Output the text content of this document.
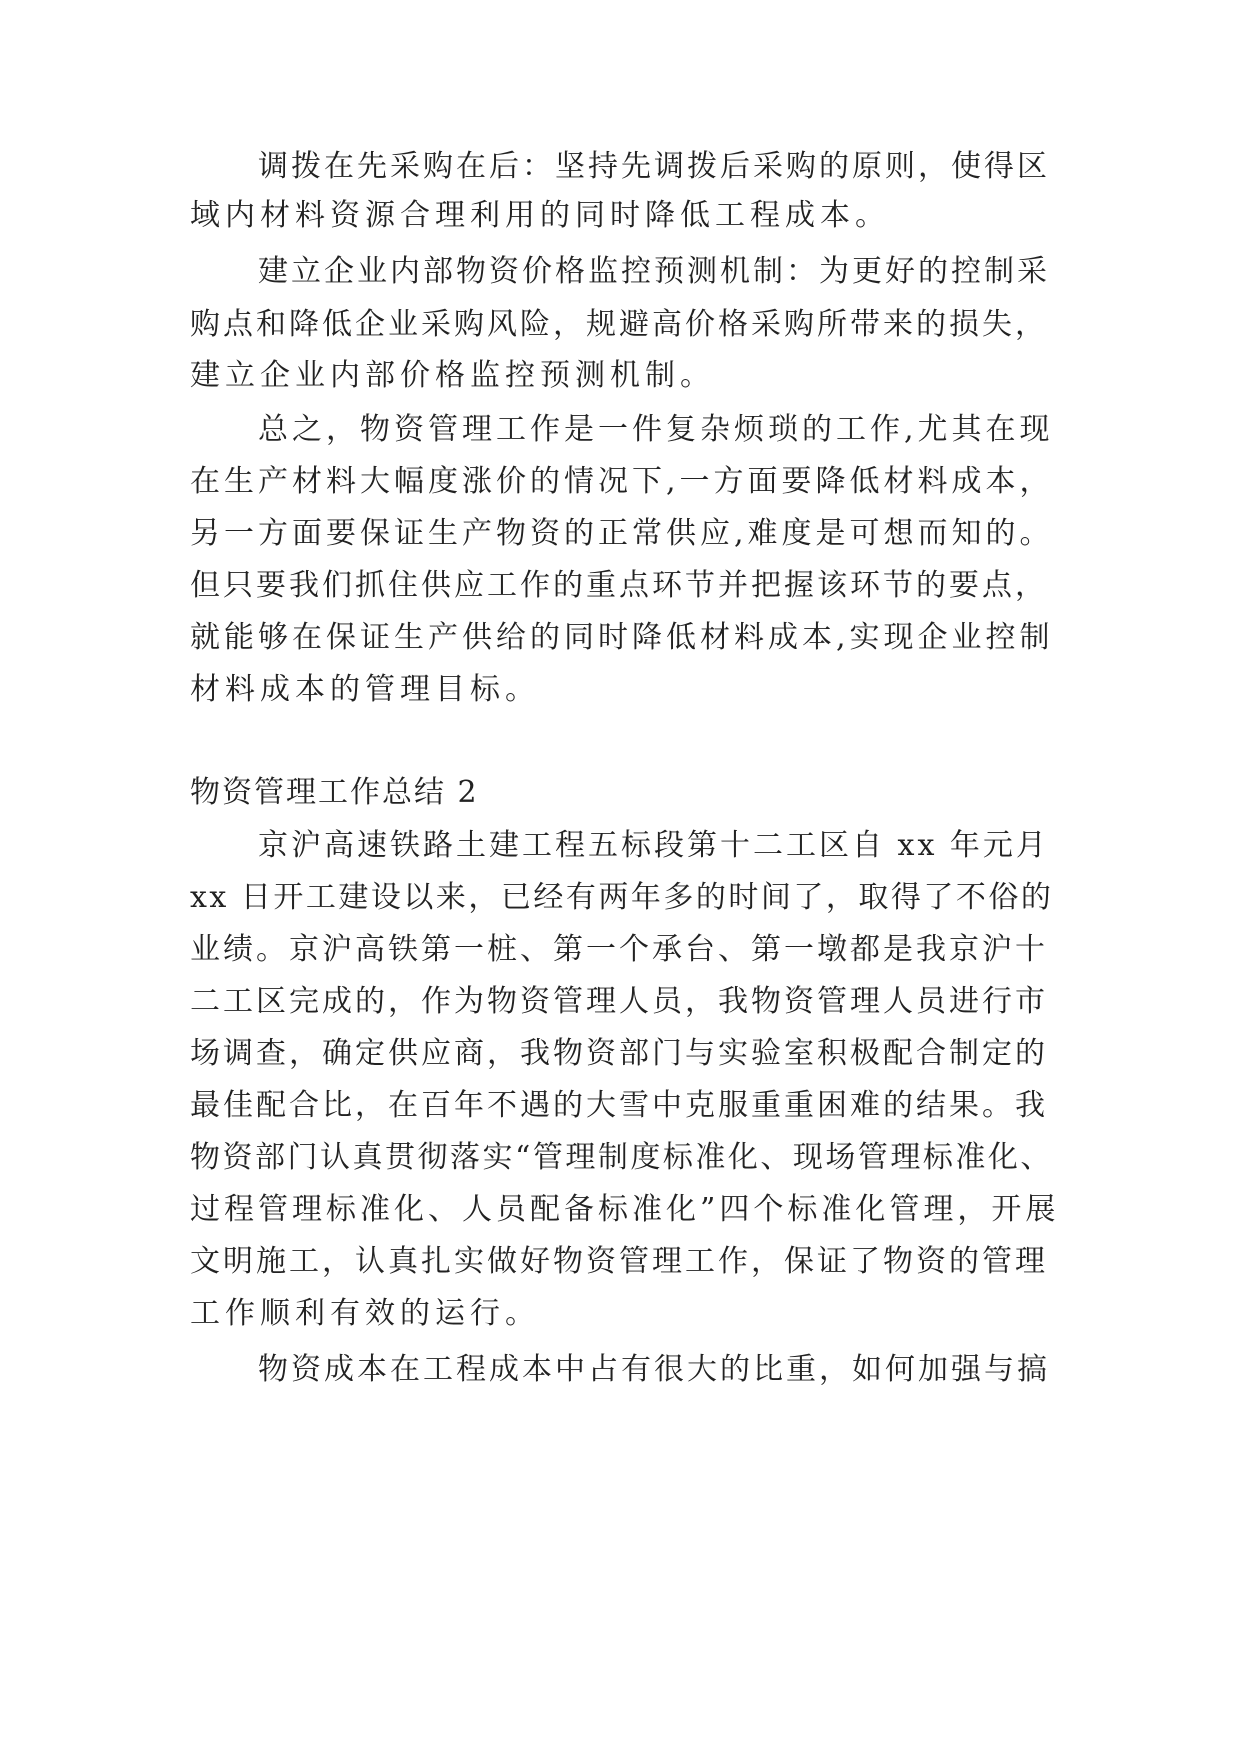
调拨在先采购在后：坚持先调拨后采购的原则，使得区
域内材料资源合理利用的同时降低工程成本。
建立企业内部物资价格监控预测机制：为更好的控制采
购点和降低企业采购风险，规避高价格采购所带来的损失，
建立企业内部价格监控预测机制。
总之，物资管理工作是一件复杂烦琐的工作,尤其在现
在生产材料大幅度涨价的情况下,一方面要降低材料成本，
另一方面要保证生产物资的正常供应,难度是可想而知的。
但只要我们抓住供应工作的重点环节并把握该环节的要点，
就能够在保证生产供给的同时降低材料成本,实现企业控制
材料成本的管理目标。
物资管理工作总结 2
京沪高速铁路土建工程五标段第十二工区自 xx 年元月
xx 日开工建设以来，已经有两年多的时间了，取得了不俗的
业绩。京沪高铁第一桩、第一个承台、第一墩都是我京沪十
二工区完成的，作为物资管理人员，我物资管理人员进行市
场调查，确定供应商，我物资部门与实验室积极配合制定的
最佳配合比，在百年不遇的大雪中克服重重困难的结果。我
物资部门认真贯彻落实“管理制度标准化、现场管理标准化、
过程管理标准化、人员配备标准化”四个标准化管理，开展
文明施工，认真扎实做好物资管理工作，保证了物资的管理
工作顺利有效的运行。
物资成本在工程成本中占有很大的比重，如何加强与搞
